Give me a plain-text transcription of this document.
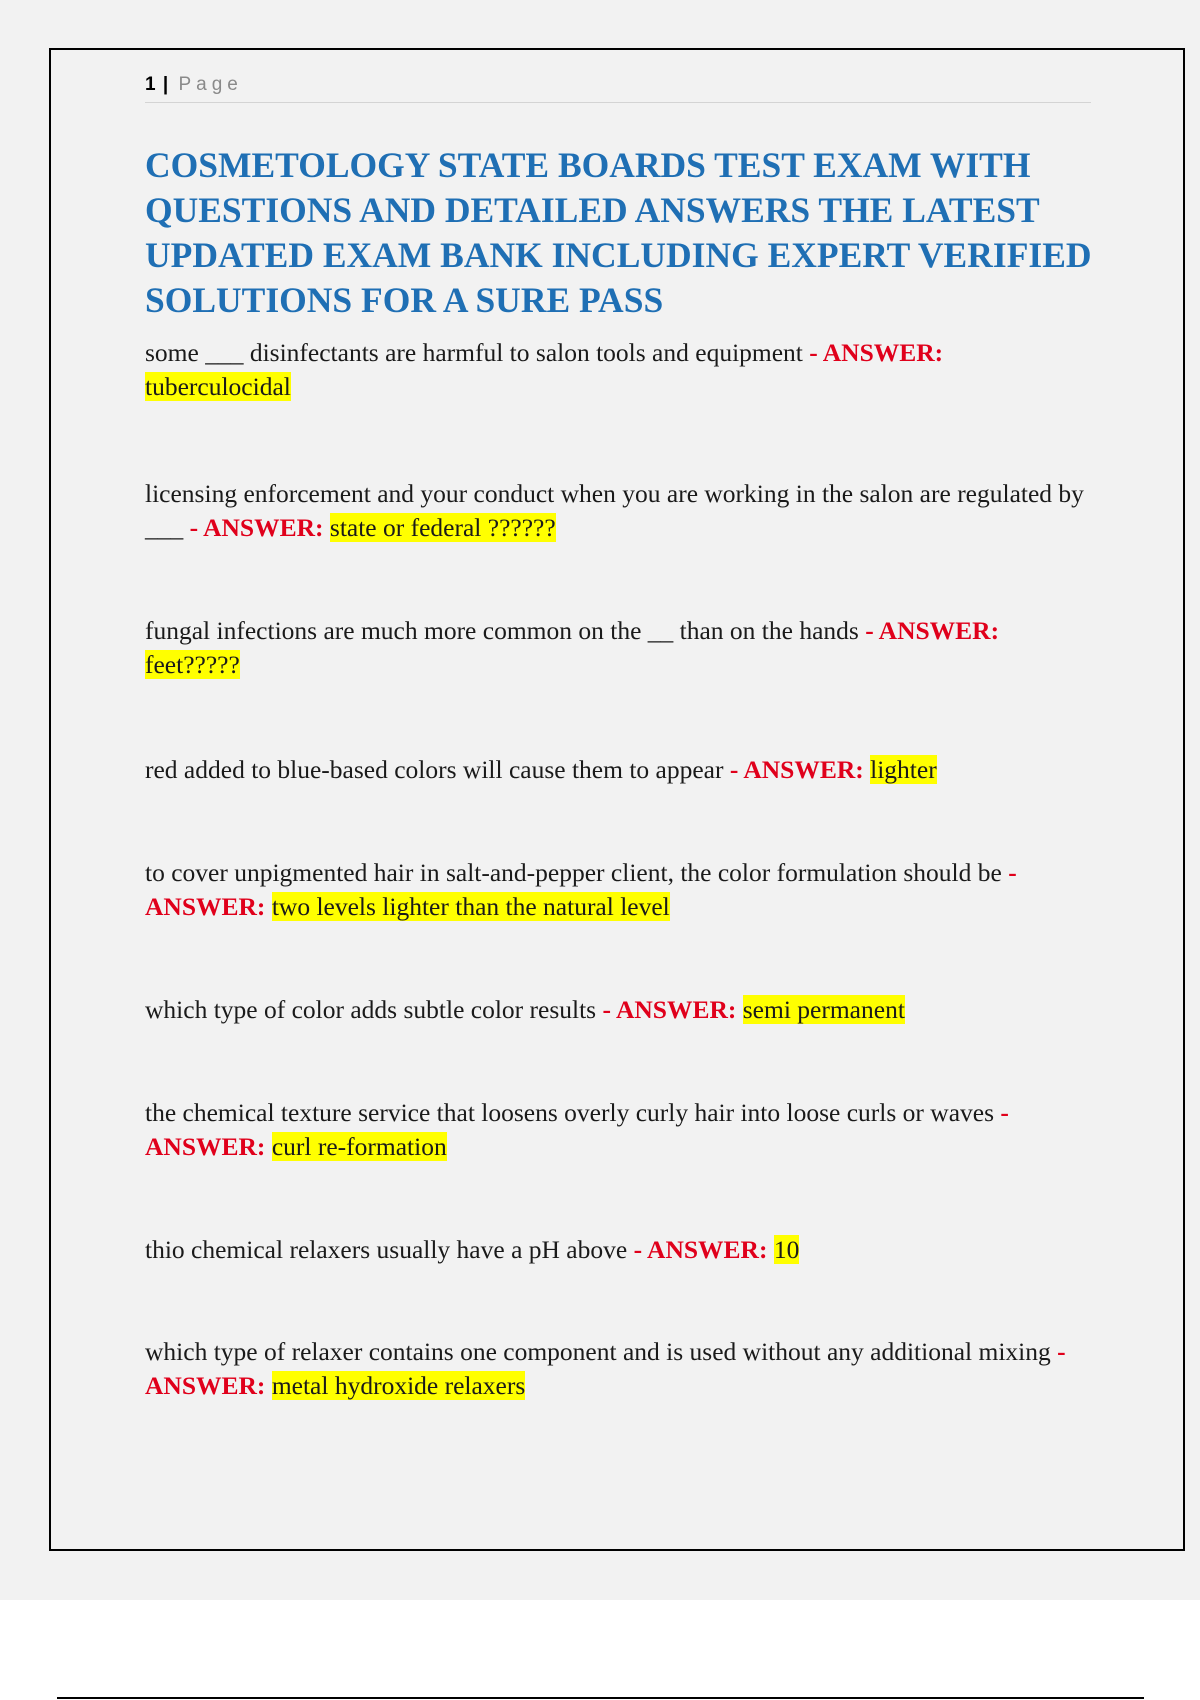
1 | Page
COSMETOLOGY STATE BOARDS TEST EXAM WITH QUESTIONS AND DETAILED ANSWERS THE LATEST UPDATED EXAM BANK INCLUDING EXPERT VERIFIED SOLUTIONS FOR A SURE PASS

some ___ disinfectants are harmful to salon tools and equipment - ANSWER: tuberculocidal

licensing enforcement and your conduct when you are working in the salon are regulated by ___ - ANSWER: state or federal ??????

fungal infections are much more common on the __ than on the hands - ANSWER: feet?????

red added to blue-based colors will cause them to appear - ANSWER: lighter

to cover unpigmented hair in salt-and-pepper client, the color formulation should be - ANSWER: two levels lighter than the natural level

which type of color adds subtle color results - ANSWER: semi permanent

the chemical texture service that loosens overly curly hair into loose curls or waves - ANSWER: curl re-formation

thio chemical relaxers usually have a pH above - ANSWER: 10

which type of relaxer contains one component and is used without any additional mixing - ANSWER: metal hydroxide relaxers
